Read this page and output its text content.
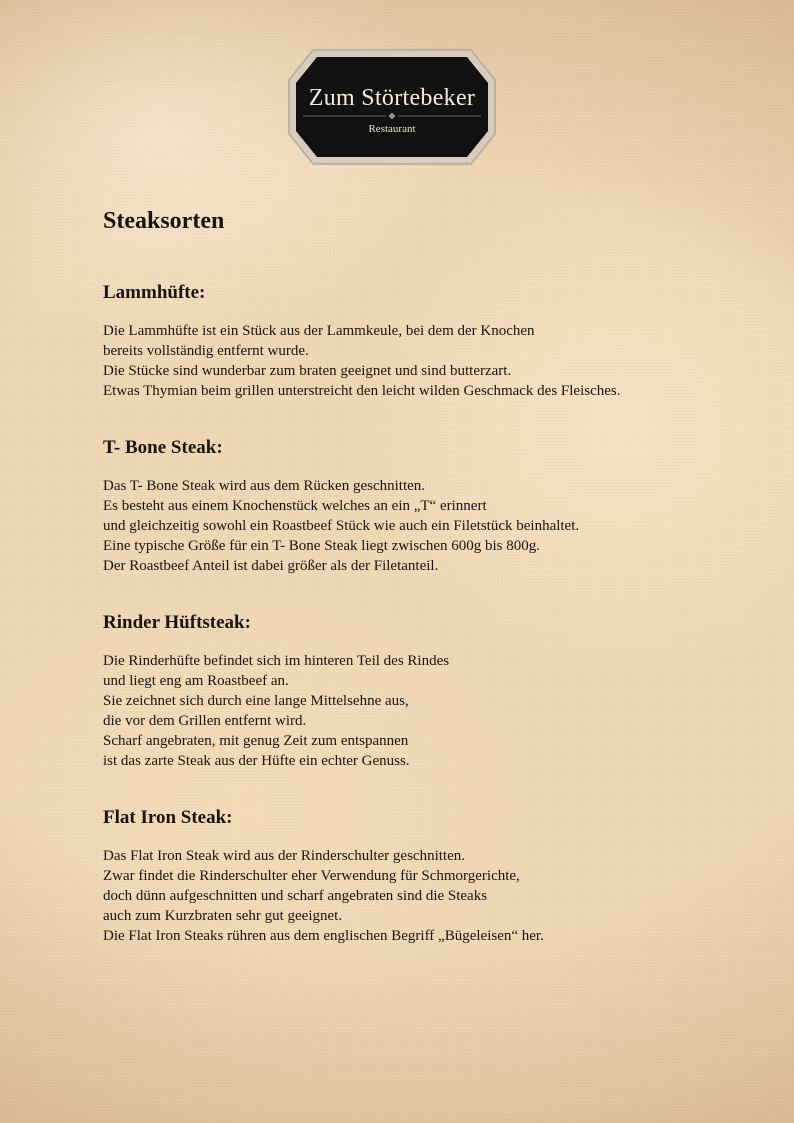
Zum Störtebeker
Restaurant
Steaksorten
Lammhüfte:
Die Lammhüfte ist ein Stück aus der Lammkeule, bei dem der Knochen
bereits vollständig entfernt wurde.
Die Stücke sind wunderbar zum braten geeignet und sind butterzart.
Etwas Thymian beim grillen unterstreicht den leicht wilden Geschmack des Fleisches.
T- Bone Steak:
Das T- Bone Steak wird aus dem Rücken geschnitten.
Es besteht aus einem Knochenstück welches an ein „T“ erinnert
und gleichzeitig sowohl ein Roastbeef Stück wie auch ein Filetstück beinhaltet.
Eine typische Größe für ein T- Bone Steak liegt zwischen 600g bis 800g.
Der Roastbeef Anteil ist dabei größer als der Filetanteil.
Rinder Hüftsteak:
Die Rinderhüfte befindet sich im hinteren Teil des Rindes
und liegt eng am Roastbeef an.
Sie zeichnet sich durch eine lange Mittelsehne aus,
die vor dem Grillen entfernt wird.
Scharf angebraten, mit genug Zeit zum entspannen
ist das zarte Steak aus der Hüfte ein echter Genuss.
Flat Iron Steak:
Das Flat Iron Steak wird aus der Rinderschulter geschnitten.
Zwar findet die Rinderschulter eher Verwendung für Schmorgerichte,
doch dünn aufgeschnitten und scharf angebraten sind die Steaks
auch zum Kurzbraten sehr gut geeignet.
Die Flat Iron Steaks rühren aus dem englischen Begriff „Bügeleisen“ her.
